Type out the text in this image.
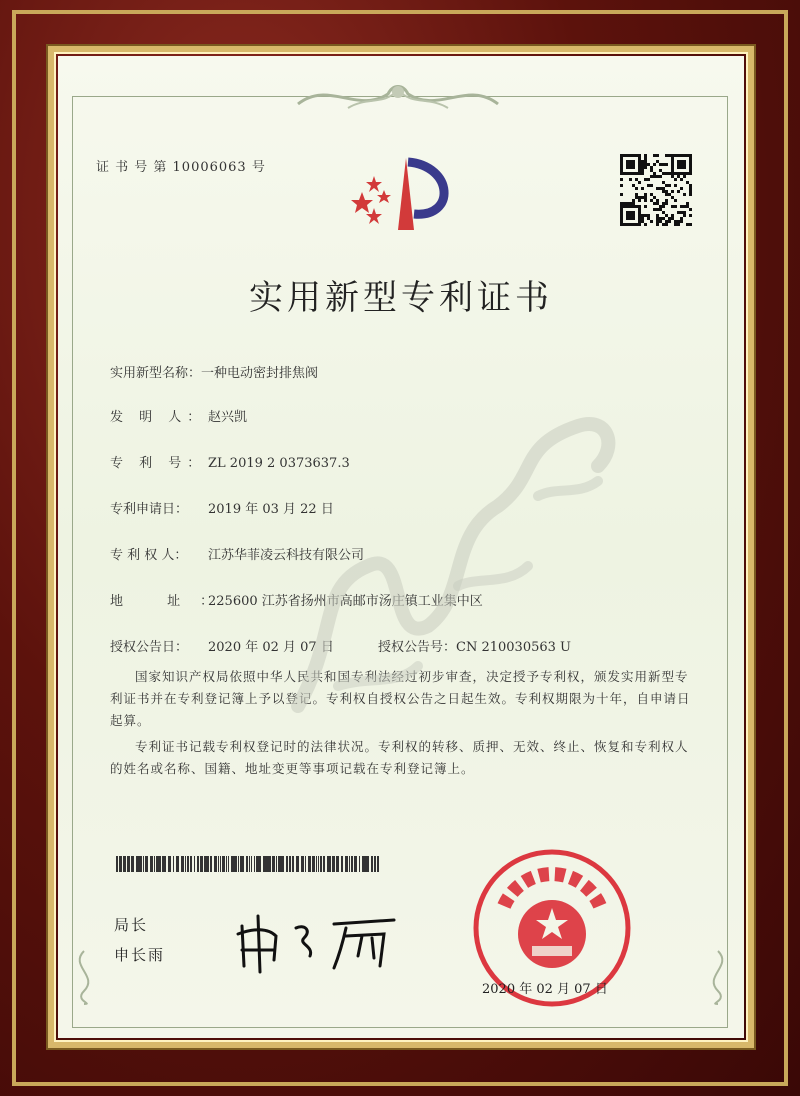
证 书 号 第 10006063 号
实用新型专利证书
实用新型名称：一种电动密封排焦阀
发 明 人： 赵兴凯
专 利 号： ZL 2019 2 0373637.3
专利申请日： 2019 年 03 月 22 日
专 利 权 人： 江苏华菲凌云科技有限公司
地 址：225600 江苏省扬州市高邮市汤庄镇工业集中区
授权公告日： 2020 年 02 月 07 日	授权公告号：CN 210030563 U
国家知识产权局依照中华人民共和国专利法经过初步审查，决定授予专利权，颁发实用新型专利证书并在专利登记簿上予以登记。专利权自授权公告之日起生效。专利权期限为十年，自申请日起算。
专利证书记载专利权登记时的法律状况。专利权的转移、质押、无效、终止、恢复和专利权人的姓名或名称、国籍、地址变更等事项记载在专利登记簿上。
局长
申长雨
2020 年 02 月 07 日
